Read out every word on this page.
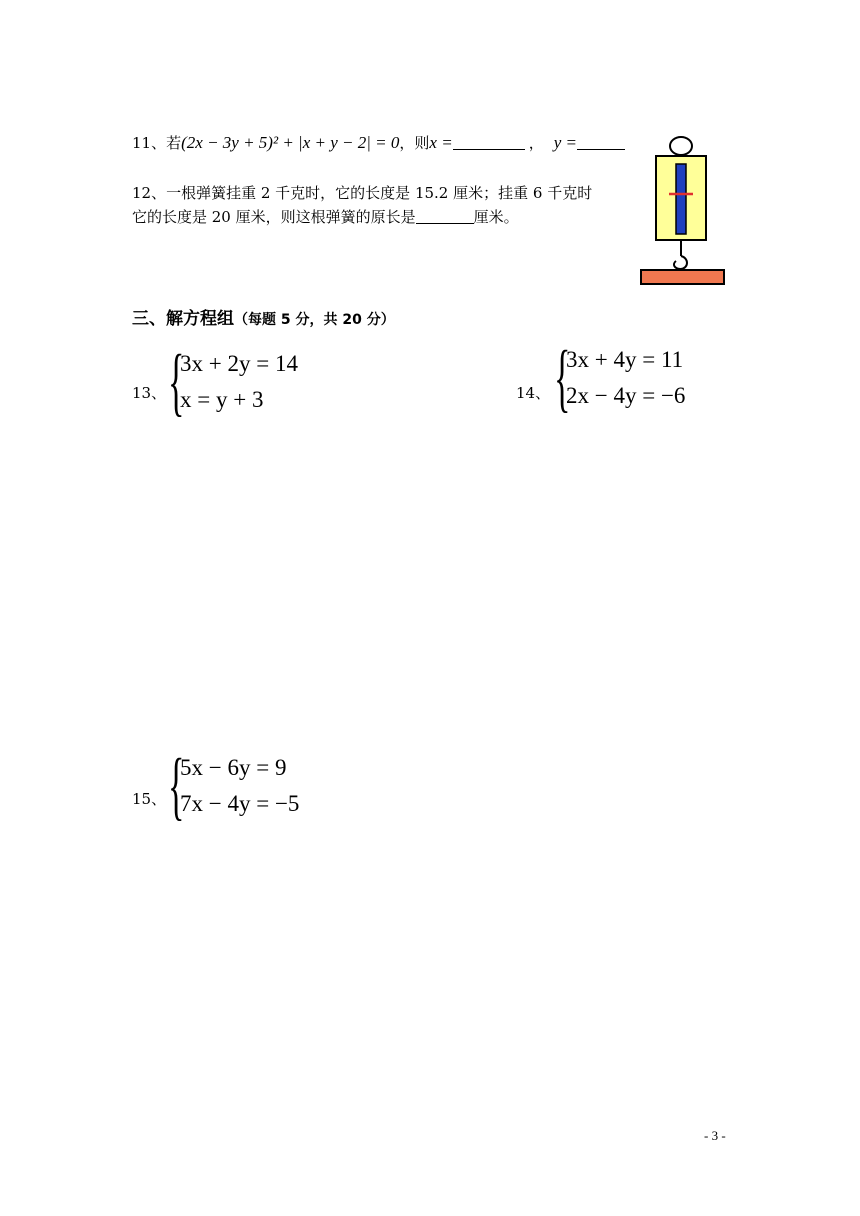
11、若(2x − 3y + 5)² + |x + y − 2| = 0，则x =	， y =
12、一根弹簧挂重 2 千克时，它的长度是 15.2 厘米；挂重 6 千克时
它的长度是 20 厘米，则这根弹簧的原长是	厘米。
三、解方程组（每题 5 分，共 20 分）
13、 {
3x + 2y = 14
x = y + 3	14、 {
3x + 4y = 11
2x − 4y = −6
15、 {
5x − 6y = 9
7x − 4y = −5
- 3 -
